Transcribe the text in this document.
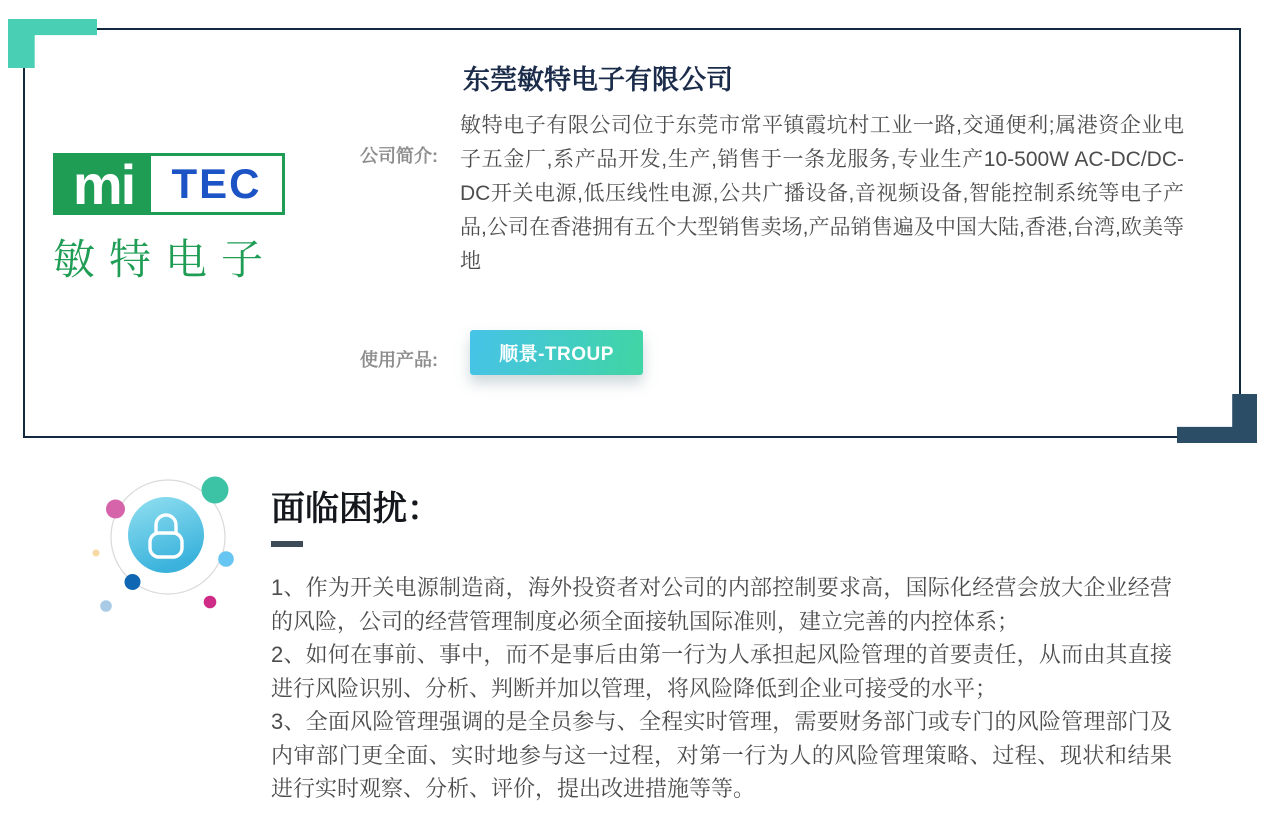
mi TEC
敏特电子
东莞敏特电子有限公司
公司简介:

敏特电子有限公司位于东莞市常平镇霞坑村工业一路,交通便利;属港资企业电子五金厂,系产品开发,生产,销售于一条龙服务,专业生产10-500W AC-DC/DC-DC开关电源,低压线性电源,公共广播设备,音视频设备,智能控制系统等电子产品,公司在香港拥有五个大型销售卖场,产品销售遍及中国大陆,香港,台湾,欧美等地

使用产品:	顺景-TROUP
面临困扰：

1、作为开关电源制造商，海外投资者对公司的内部控制要求高，国际化经营会放大企业经营的风险，公司的经营管理制度必须全面接轨国际准则，建立完善的内控体系；

2、如何在事前、事中，而不是事后由第一行为人承担起风险管理的首要责任，从而由其直接进行风险识别、分析、判断并加以管理，将风险降低到企业可接受的水平；

3、全面风险管理强调的是全员参与、全程实时管理，需要财务部门或专门的风险管理部门及内审部门更全面、实时地参与这一过程，对第一行为人的风险管理策略、过程、现状和结果进行实时观察、分析、评价，提出改进措施等等。
